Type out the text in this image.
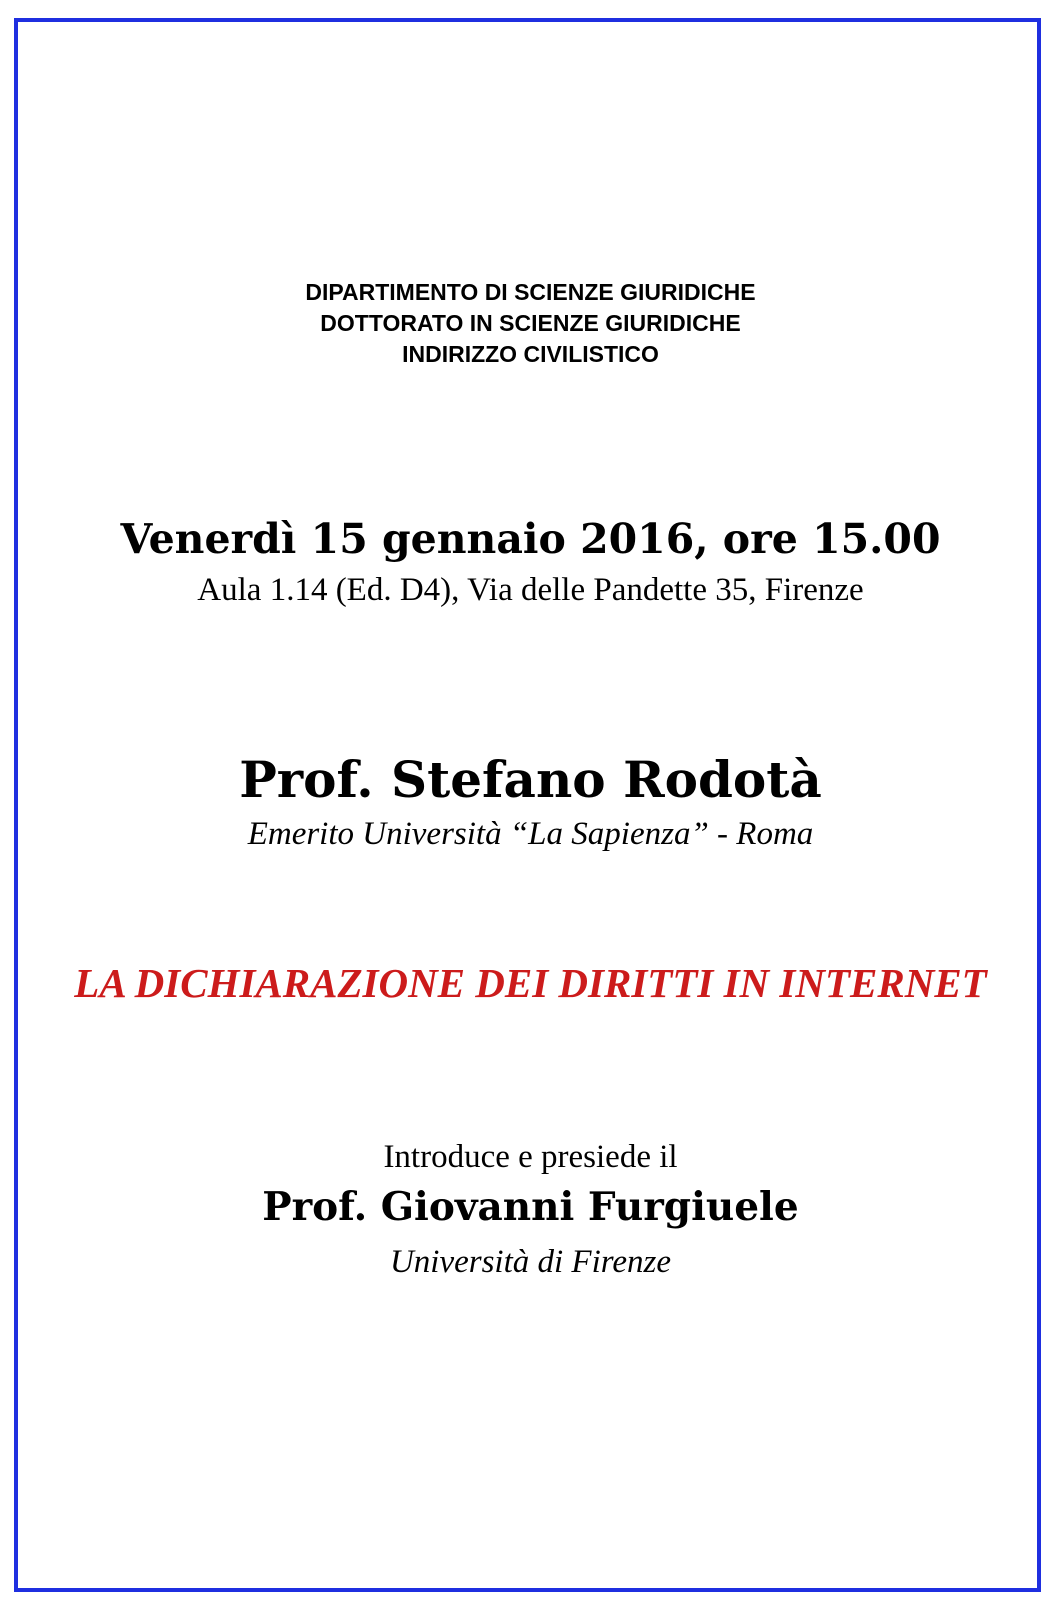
DIPARTIMENTO DI SCIENZE GIURIDICHE
DOTTORATO IN SCIENZE GIURIDICHE
INDIRIZZO CIVILISTICO
Venerdì 15 gennaio 2016, ore 15.00
Aula 1.14 (Ed. D4), Via delle Pandette 35, Firenze
Prof. Stefano Rodotà
Emerito Università “La Sapienza” - Roma
LA DICHIARAZIONE DEI DIRITTI IN INTERNET
Introduce e presiede il
Prof. Giovanni Furgiuele
Università di Firenze
